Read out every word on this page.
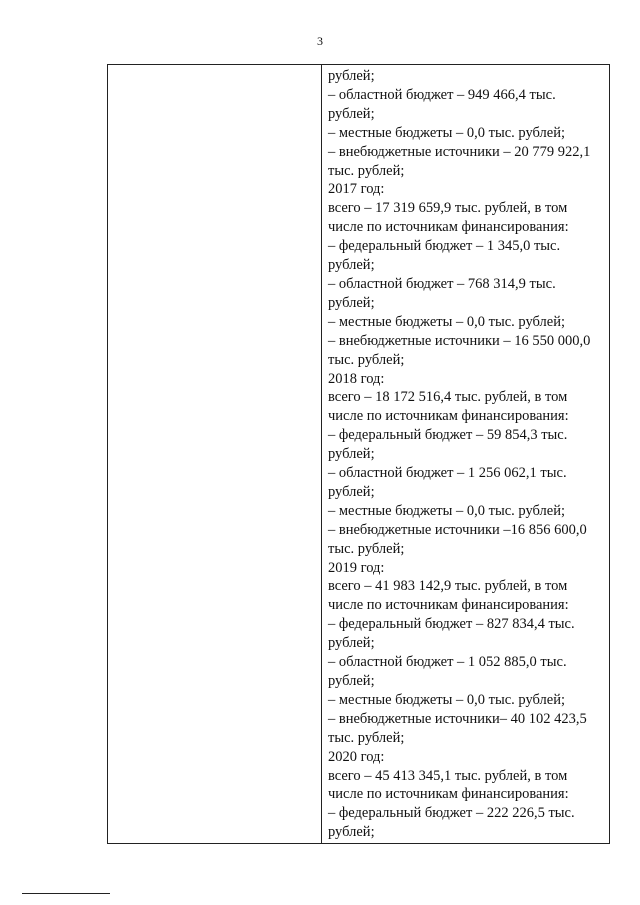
3
рублей;
– областной бюджет – 949 466,4 тыс.
рублей;
– местные бюджеты – 0,0 тыс. рублей;
– внебюджетные источники – 20 779 922,1
тыс. рублей;
2017 год:
всего – 17 319 659,9 тыс. рублей, в том
числе по источникам финансирования:
– федеральный бюджет – 1 345,0 тыс.
рублей;
– областной бюджет – 768 314,9 тыс.
рублей;
– местные бюджеты – 0,0 тыс. рублей;
– внебюджетные источники – 16 550 000,0
тыс. рублей;
2018 год:
всего – 18 172 516,4 тыс. рублей, в том
числе по источникам финансирования:
– федеральный бюджет – 59 854,3 тыс.
рублей;
– областной бюджет – 1 256 062,1 тыс.
рублей;
– местные бюджеты – 0,0 тыс. рублей;
– внебюджетные источники –16 856 600,0
тыс. рублей;
2019 год:
всего – 41 983 142,9 тыс. рублей, в том
числе по источникам финансирования:
– федеральный бюджет – 827 834,4 тыс.
рублей;
– областной бюджет – 1 052 885,0 тыс.
рублей;
– местные бюджеты – 0,0 тыс. рублей;
– внебюджетные источники– 40 102 423,5
тыс. рублей;
2020 год:
всего – 45 413 345,1 тыс. рублей, в том
числе по источникам финансирования:
– федеральный бюджет – 222 226,5 тыс.
рублей;
